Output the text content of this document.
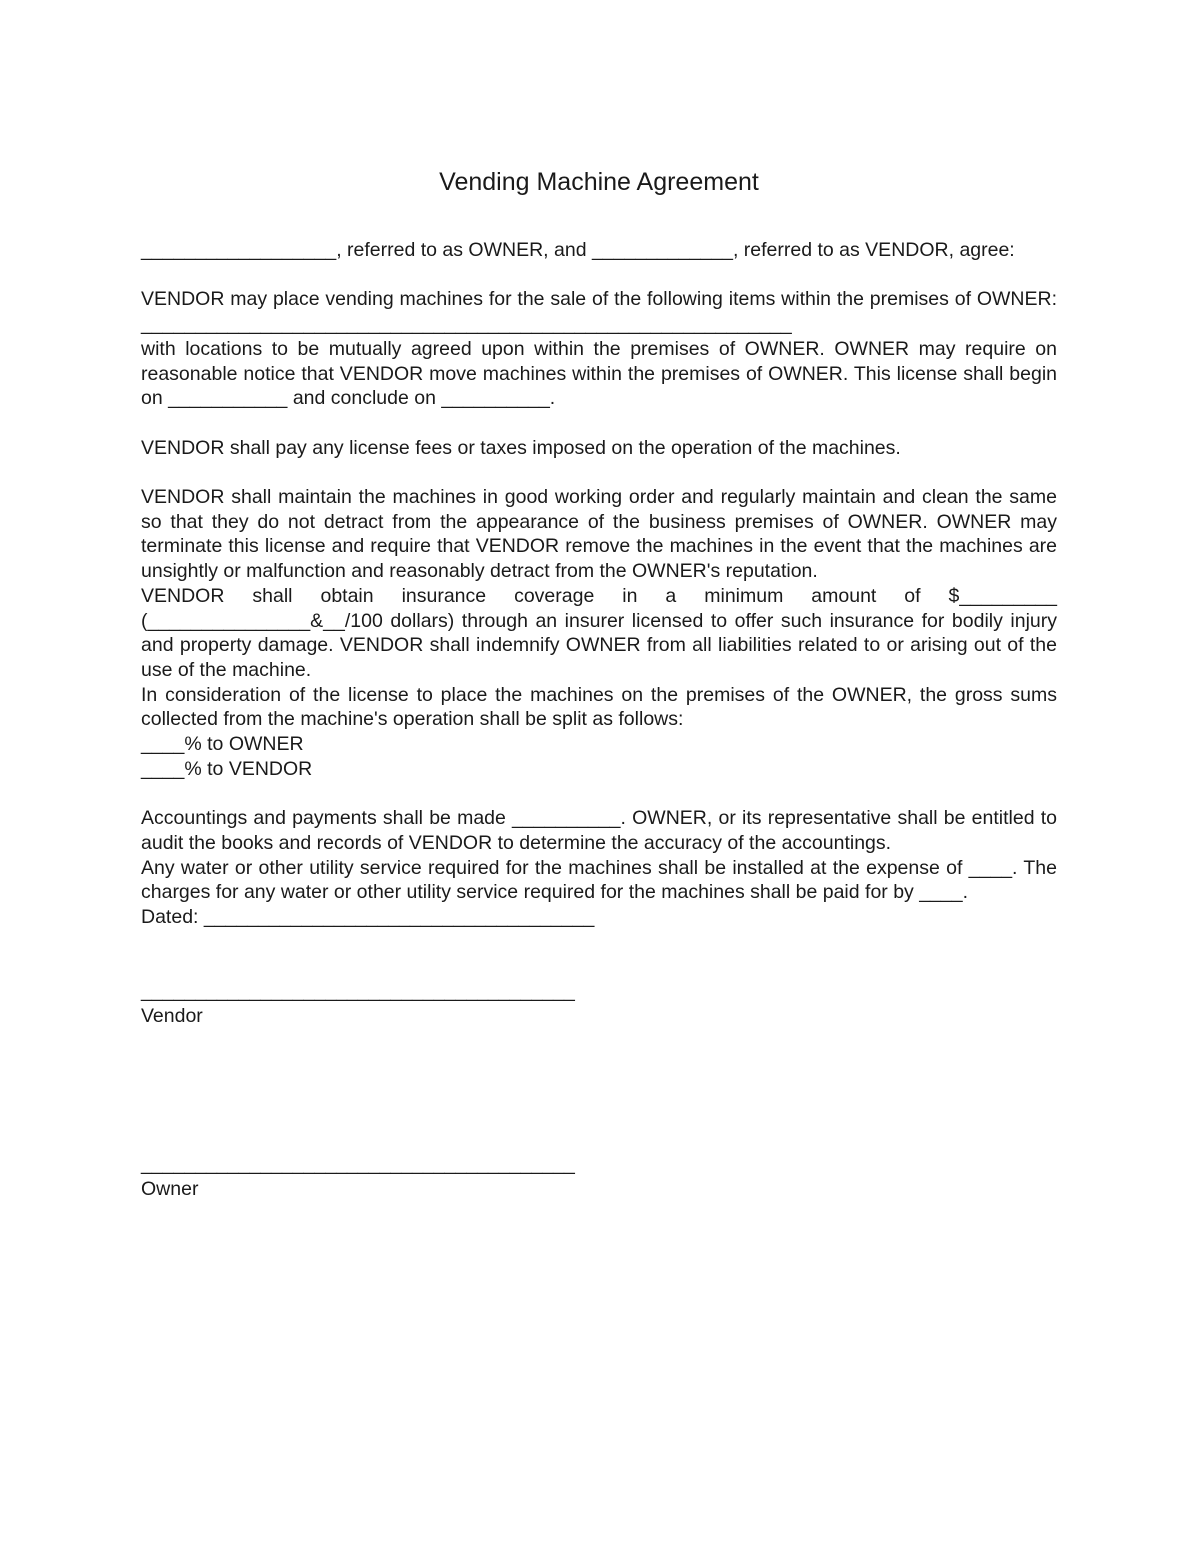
Vending Machine Agreement

__________________, referred to as OWNER, and _____________, referred to as VENDOR, agree:

VENDOR may place vending machines for the sale of the following items within the premises of OWNER: ____________________________________________________________

with locations to be mutually agreed upon within the premises of OWNER. OWNER may require on reasonable notice that VENDOR move machines within the premises of OWNER. This license shall begin on ___________ and conclude on __________.

VENDOR shall pay any license fees or taxes imposed on the operation of the machines.

VENDOR shall maintain the machines in good working order and regularly maintain and clean the same so that they do not detract from the appearance of the business premises of OWNER. OWNER may terminate this license and require that VENDOR remove the machines in the event that the machines are unsightly or malfunction and reasonably detract from the OWNER's reputation.

VENDOR shall obtain insurance coverage in a minimum amount of $_________ (_______________&__/100 dollars) through an insurer licensed to offer such insurance for bodily injury and property damage. VENDOR shall indemnify OWNER from all liabilities related to or arising out of the use of the machine.

In consideration of the license to place the machines on the premises of the OWNER, the gross sums collected from the machine's operation shall be split as follows:

____% to OWNER

____% to VENDOR

Accountings and payments shall be made __________. OWNER, or its representative shall be entitled to audit the books and records of VENDOR to determine the accuracy of the accountings.

Any water or other utility service required for the machines shall be installed at the expense of ____. The charges for any water or other utility service required for the machines shall be paid for by ____.

Dated: ____________________________________

________________________________________

Vendor

________________________________________

Owner
